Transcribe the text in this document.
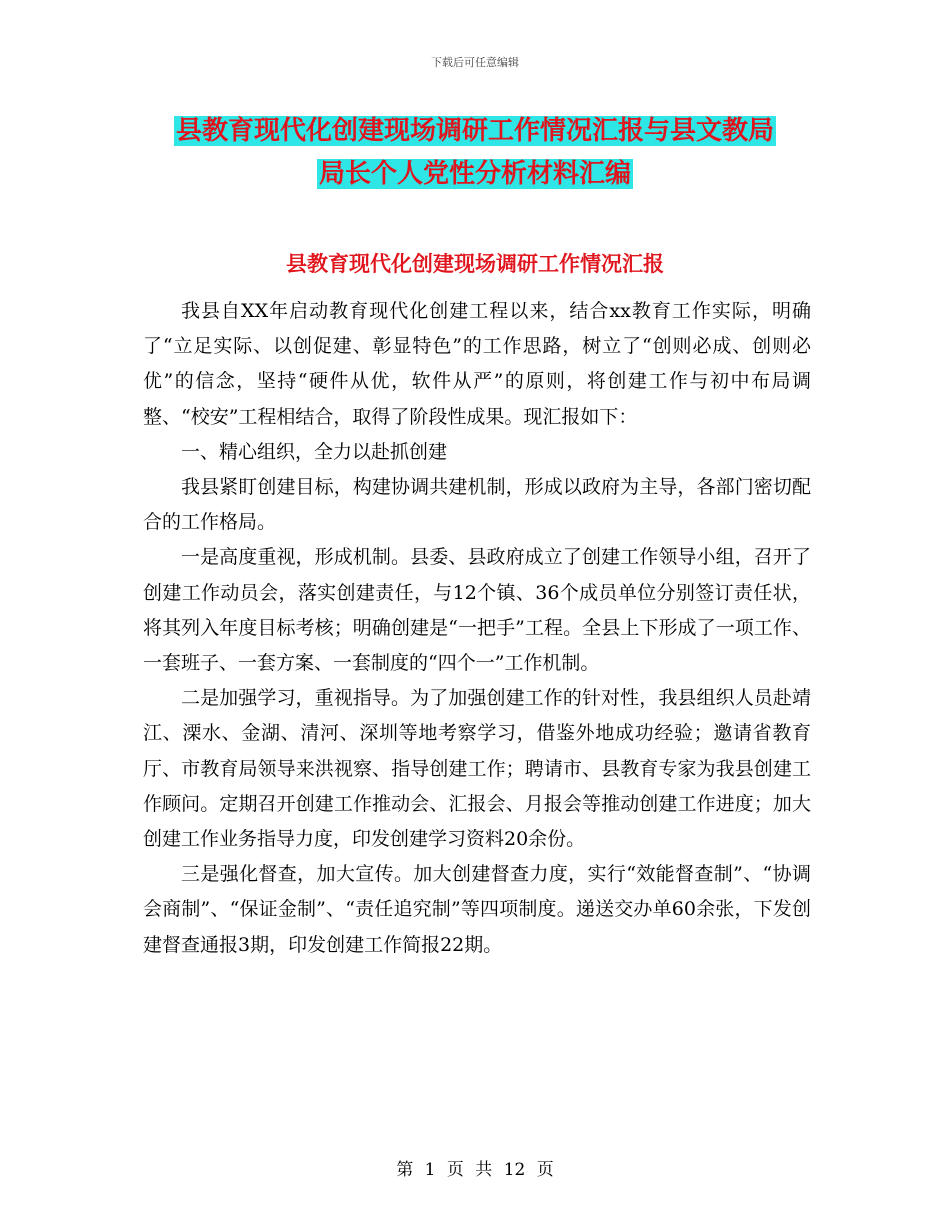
下载后可任意编辑
县教育现代化创建现场调研工作情况汇报与县文教局
局长个人党性分析材料汇编
县教育现代化创建现场调研工作情况汇报

我县自XX年启动教育现代化创建工程以来，结合xx教育工作实际，明确了“立足实际、以创促建、彰显特色”的工作思路，树立了“创则必成、创则必优”的信念，坚持“硬件从优，软件从严”的原则，将创建工作与初中布局调整、“校安”工程相结合，取得了阶段性成果。现汇报如下：

一、精心组织，全力以赴抓创建

我县紧盯创建目标，构建协调共建机制，形成以政府为主导，各部门密切配合的工作格局。

一是高度重视，形成机制。县委、县政府成立了创建工作领导小组，召开了创建工作动员会，落实创建责任，与12个镇、36个成员单位分别签订责任状，将其列入年度目标考核；明确创建是“一把手”工程。全县上下形成了一项工作、一套班子、一套方案、一套制度的“四个一”工作机制。

二是加强学习，重视指导。为了加强创建工作的针对性，我县组织人员赴靖江、溧水、金湖、清河、深圳等地考察学习，借鉴外地成功经验；邀请省教育厅、市教育局领导来洪视察、指导创建工作；聘请市、县教育专家为我县创建工作顾问。定期召开创建工作推动会、汇报会、月报会等推动创建工作进度；加大创建工作业务指导力度，印发创建学习资料20余份。

三是强化督查，加大宣传。加大创建督查力度，实行“效能督查制”、“协调会商制”、“保证金制”、“责任追究制”等四项制度。递送交办单60余张，下发创建督查通报3期，印发创建工作简报22期。

第 1 页 共 12 页
